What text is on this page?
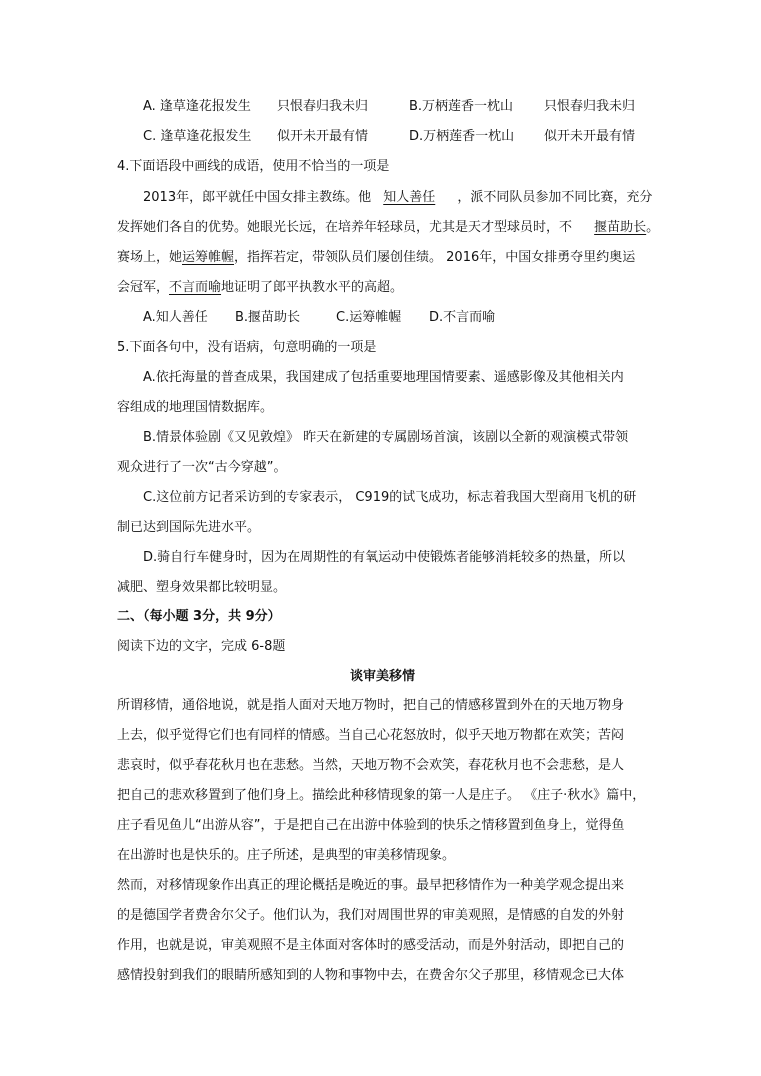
A. 逢草逢花报发生 只恨春归我未归	B.万柄莲香一枕山 只恨春归我未归
C. 逢草逢花报发生 似开未开最有情	D.万柄莲香一枕山 似开未开最有情
4.下面语段中画线的成语，使用不恰当的一项是
2013年，郎平就任中国女排主教练。他 知人善任 ，派不同队员参加不同比赛，充分
发挥她们各自的优势。她眼光长远，在培养年轻球员，尤其是天才型球员时，不 揠苗助长。
赛场上，她运筹帷幄，指挥若定，带领队员们屡创佳绩。 2016年，中国女排勇夺里约奥运
会冠军，不言而喻地证明了郎平执教水平的高超。
A.知人善任 B.揠苗助长	C.运筹帷幄 D.不言而喻
5.下面各句中，没有语病，句意明确的一项是
A.依托海量的普查成果，我国建成了包括重要地理国情要素、遥感影像及其他相关内
容组成的地理国情数据库。
B.情景体验剧《又见敦煌》 昨天在新建的专属剧场首演，该剧以全新的观演模式带领
观众进行了一次“古今穿越”。
C.这位前方记者采访到的专家表示， C919的试飞成功，标志着我国大型商用飞机的研
制已达到国际先进水平。
D.骑自行车健身时，因为在周期性的有氧运动中使锻炼者能够消耗较多的热量，所以
减肥、塑身效果都比较明显。
二、（每小题 3分，共 9分）
阅读下边的文字，完成 6-8题
谈审美移情
所谓移情，通俗地说，就是指人面对天地万物时，把自己的情感移置到外在的天地万物身
上去，似乎觉得它们也有同样的情感。当自己心花怒放时，似乎天地万物都在欢笑；苦闷
悲哀时，似乎春花秋月也在悲愁。当然，天地万物不会欢笑，春花秋月也不会悲愁，是人
把自己的悲欢移置到了他们身上。描绘此种移情现象的第一人是庄子。 《庄子·秋水》篇中，
庄子看见鱼儿“出游从容”，于是把自己在出游中体验到的快乐之情移置到鱼身上，觉得鱼
在出游时也是快乐的。庄子所述，是典型的审美移情现象。
然而，对移情现象作出真正的理论概括是晚近的事。最早把移情作为一种美学观念提出来
的是德国学者费舍尔父子。他们认为，我们对周围世界的审美观照，是情感的自发的外射
作用，也就是说，审美观照不是主体面对客体时的感受活动，而是外射活动，即把自己的
感情投射到我们的眼睛所感知到的人物和事物中去，在费舍尔父子那里，移情观念已大体
